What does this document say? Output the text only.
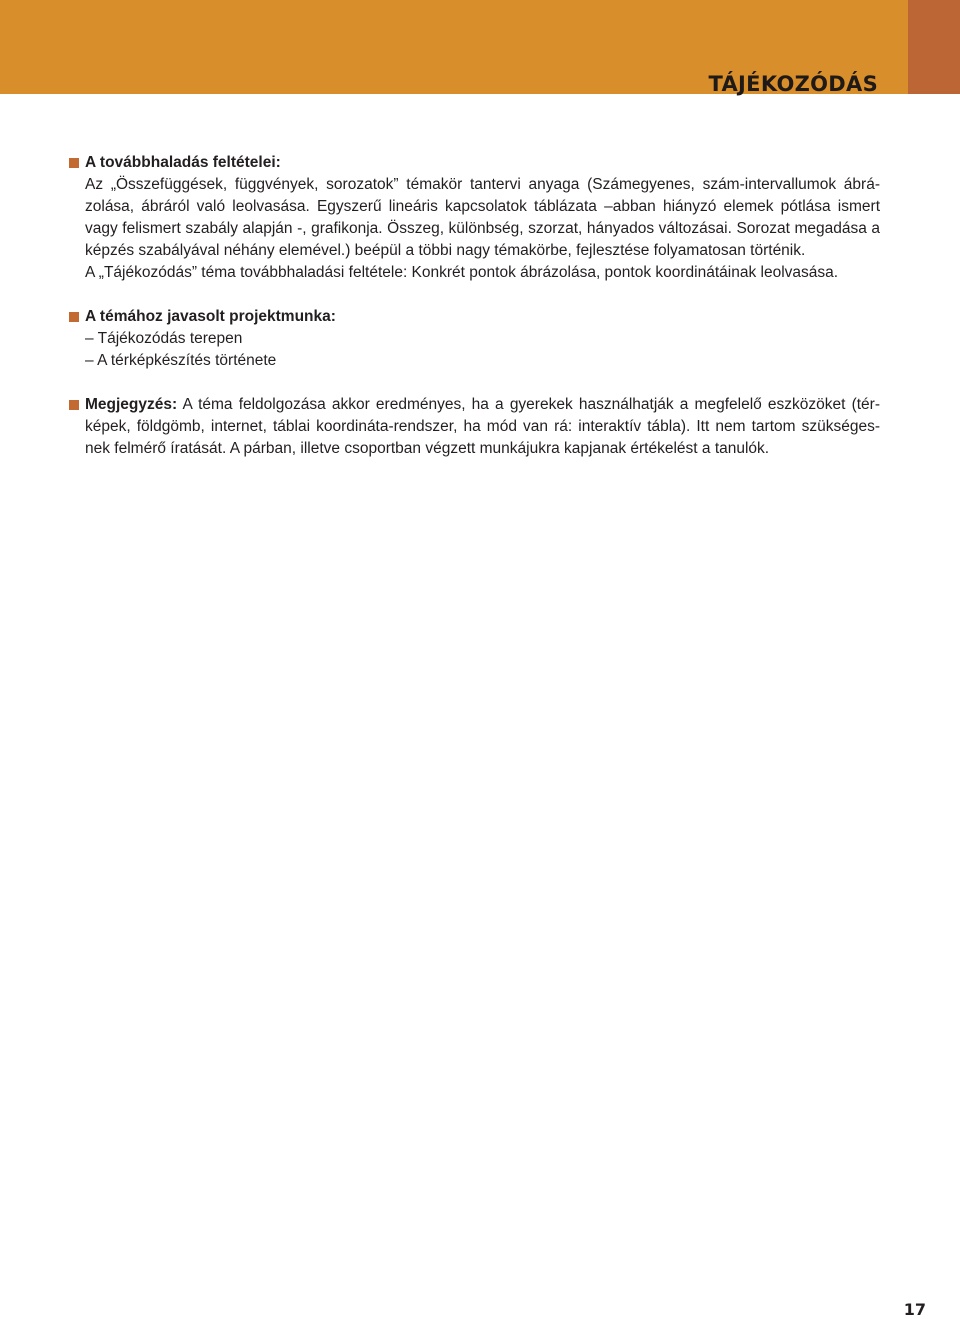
TÁJÉKOZÓDÁS
A továbbhaladás feltételei:
Az „Összefüggések, függvények, sorozatok” témakör tantervi anyaga (Számegyenes, szám-intervallumok ábrá-
zolása, ábráról való leolvasása. Egyszerű lineáris kapcsolatok táblázata –abban hiányzó elemek pótlása ismert
vagy felismert szabály alapján -, grafikonja. Összeg, különbség, szorzat, hányados változásai. Sorozat megadása a
képzés szabályával néhány elemével.) beépül a többi nagy témakörbe, fejlesztése folyamatosan történik.
A „Tájékozódás” téma továbbhaladási feltétele: Konkrét pontok ábrázolása, pontok koordinátáinak leolvasása.
A témához javasolt projektmunka:
– Tájékozódás terepen
– A térképkészítés története
Megjegyzés: A téma feldolgozása akkor eredményes, ha a gyerekek használhatják a megfelelő eszközöket (tér-
képek, földgömb, internet, táblai koordináta-rendszer, ha mód van rá: interaktív tábla). Itt nem tartom szükséges-
nek felmérő íratását. A párban, illetve csoportban végzett munkájukra kapjanak értékelést a tanulók.
17
